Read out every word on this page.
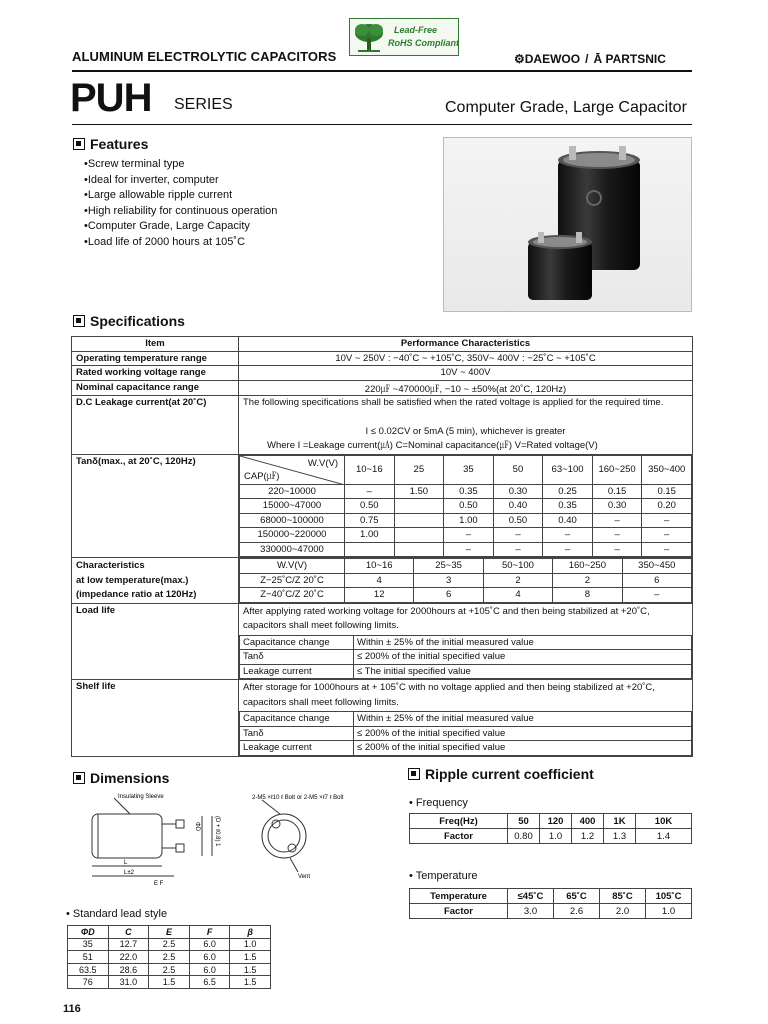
Lead-Free
RoHS Compliant
ALUMINUM ELECTROLYTIC CAPACITORS	⚙DAEWOO / Ᾱ PARTSNIC
PUH SERIES	Computer Grade, Large Capacitor
Features
• Screw terminal type
• Ideal for inverter, computer
• Large allowable ripple current
• High reliability for continuous operation
• Computer Grade, Large Capacity
• Load life of 2000 hours at 105˚C
Specifications
Item	Performance Characteristics
Operating temperature range	10V ~ 250V : −40˚C ~ +105˚C, 350V~ 400V : −25˚C ~ +105˚C
Rated working voltage range	10V ~ 400V
Nominal capacitance range	220㎌ ~470000㎌, −10 ~ ±50%(at 20˚C, 120Hz)
D.C Leakage current(at 20˚C)	The following specifications shall be satisfied when the rated voltage is applied for the required time.
I ≤ 0.02CV or 5mA (5 min), whichever is greater
Where I =Leakage current(㎂) C=Nominal capacitance(㎌) V=Rated voltage(V)

Tanδ(max., at 20˚C, 120Hz)		W.V(V)
CAP(㎌)
	10~16	25	35	50	63~100	160~250	350~400
220~10000	–	1.50	0.35	0.30	0.25	0.15	0.15
15000~47000	0.50		0.50	0.40	0.35	0.30	0.20
68000~100000	0.75		1.00	0.50	0.40	–	–
150000~220000	1.00		–	–	–	–	–
330000~47000			–	–	–	–	–

Characteristics
at low temperature(max.)
(impedance ratio at 120Hz)

W.V(V)	10~16	25~35	50~100	160~250	350~450
Z−25˚C/Z 20˚C	4	3	2	2	6
Z−40˚C/Z 20˚C	12	6	4	8	–

Load life	After applying rated working voltage for 2000hours at +105˚C and then being stabilized at +20˚C, capacitors shall meet following limits.
Capacitance change	Within ± 25% of the initial measured value
Tanδ	≤ 200% of the initial specified value
Leakage current	≤ The initial specified value

Shelf life	After storage for 1000hours at + 105˚C with no voltage applied and then being stabilized at +20˚C, capacitors shall meet following limits.
Capacitance change	Within ± 25% of the initial measured value
Tanδ	≤ 200% of the initial specified value
Leakage current	≤ 200% of the initial specified value
Dimensions
Insulating Sleeve	2-M5 ×ℓ10 ℓ Bolt or 2-M5 ×ℓ7 ℓ Bolt
Vent
L
L±2
E F
ΦD (D + ℓ0.8) 1
• Standard lead style
ΦD	C	E	F	β
35	12.7	2.5	6.0	1.0
51	22.0	2.5	6.0	1.5
63.5	28.6	2.5	6.0	1.5
76	31.0	1.5	6.5	1.5
Ripple current coefficient
• Frequency
Freq(Hz)	50	120	400	1K	10K
Factor	0.80	1.0	1.2	1.3	1.4
• Temperature
Temperature	≤45˚C	65˚C	85˚C	105˚C
Factor	3.0	2.6	2.0	1.0
116
